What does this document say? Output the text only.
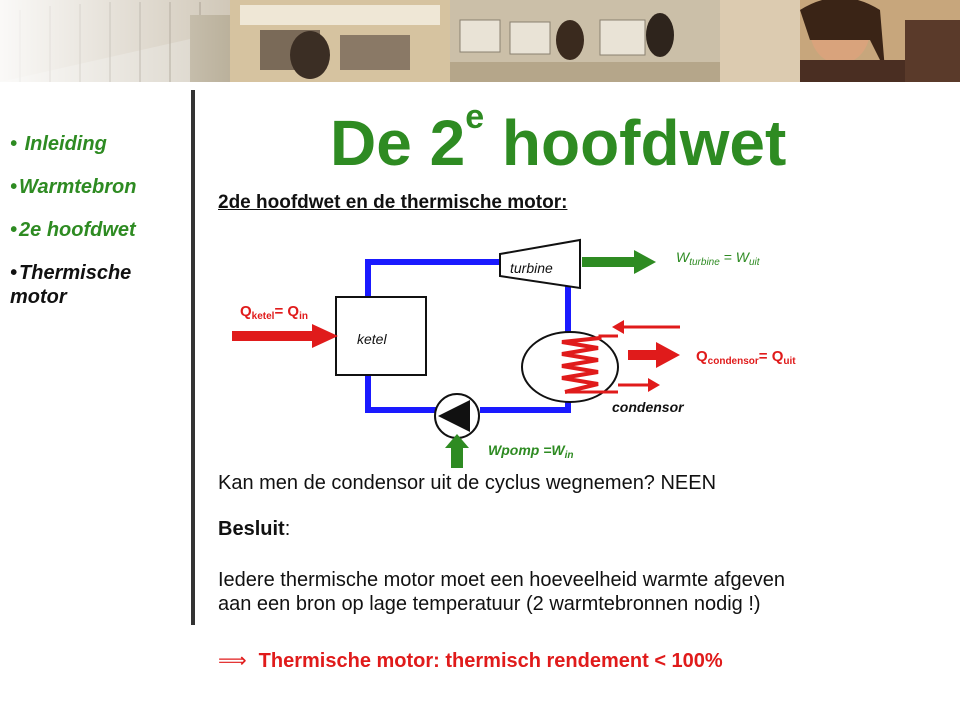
• Inleiding
• Warmtebron
• 2e hoofdwet
• Thermische motor
De 2e hoofdwet
2de hoofdwet en de thermische motor:
turbine
ketel
condensor
$W_{turbine} = W_{uit}$
$Q_{ketel}= Q_{in}$
$Q_{condensor}= Q_{uit}$
Wpomp $=W_{in}$
Kan men de condensor uit de cyclus wegnemen? NEEN
Besluit:
Iedere thermische motor moet een hoeveelheid warmte afgeven
aan een bron op lage temperatuur (2 warmtebronnen nodig !)
⟹ Thermische motor: thermisch rendement < 100%
